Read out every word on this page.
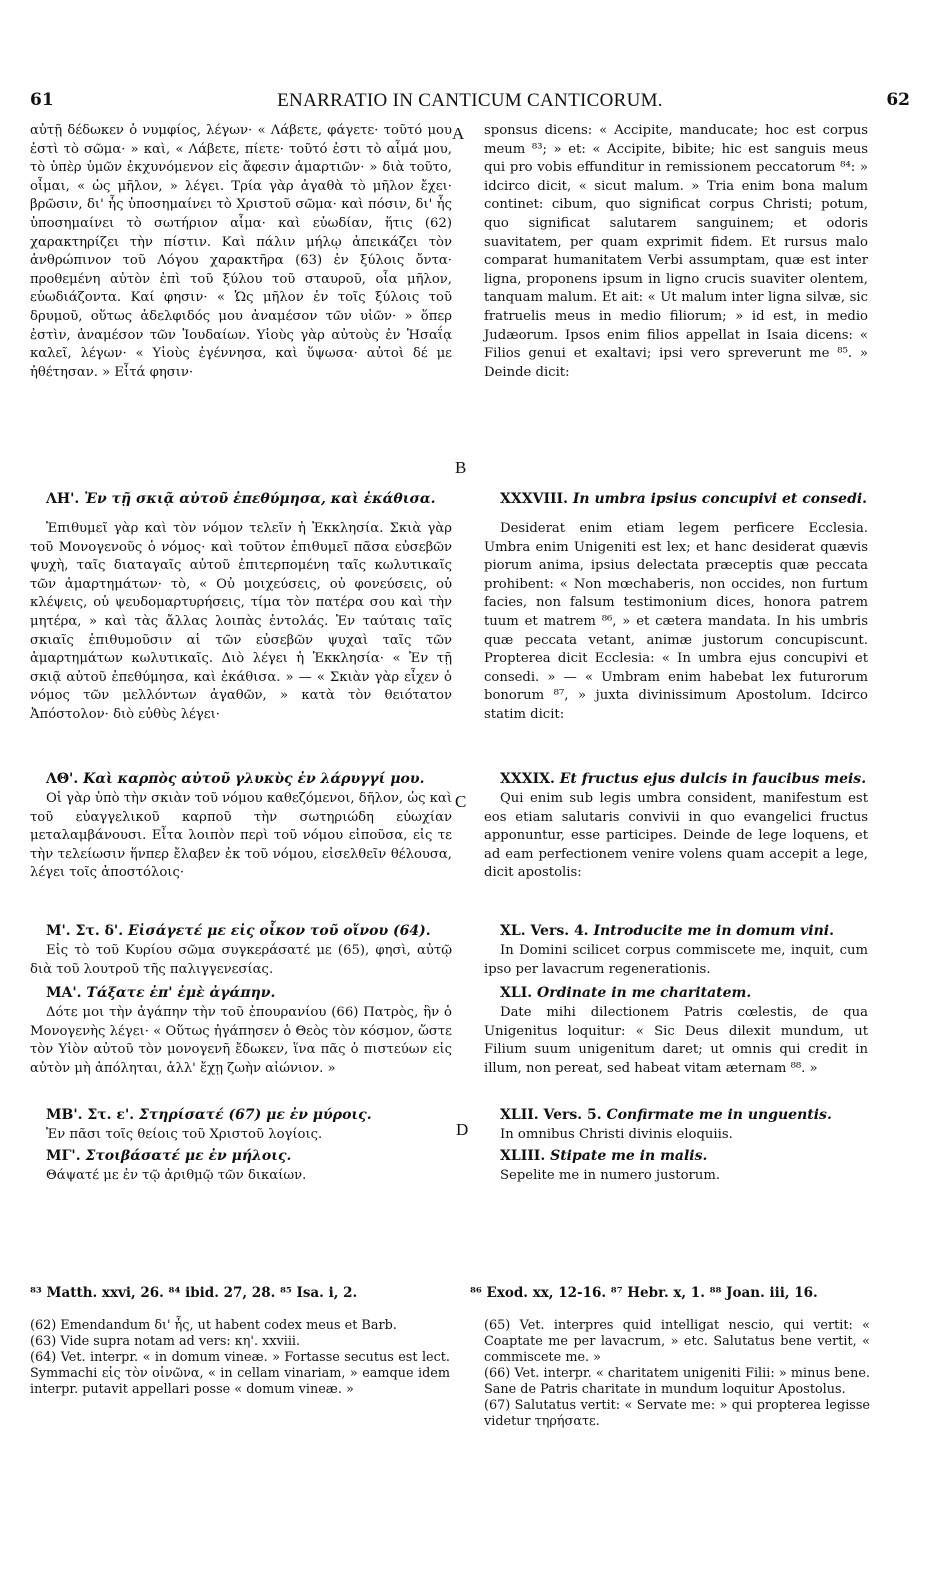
61	ENARRATIO IN CANTICUM CANTICORUM.	62
A
B
C
D

αὐτῇ δέδωκεν ὁ νυμφίος, λέγων· « Λάβετε, φάγετε· τοῦτό μου ἐστὶ τὸ σῶμα· » καὶ, « Λάβετε, πίετε· τοῦτό ἐστι τὸ αἷμά μου, τὸ ὑπὲρ ὑμῶν ἐκχυνόμενον εἰς ἄφεσιν ἁμαρτιῶν· » διὰ τοῦτο, οἶμαι, « ὡς μῆλον, » λέγει. Τρία γὰρ ἀγαθὰ τὸ μῆλον ἔχει· βρῶσιν, δι' ἧς ὑποσημαίνει τὸ Χριστοῦ σῶμα· καὶ πόσιν, δι' ἧς ὑποσημαίνει τὸ σωτήριον αἷμα· καὶ εὐωδίαν, ἥτις (62) χαρακτηρίζει τὴν πίστιν. Καὶ πάλιν μήλῳ ἀπεικάζει τὸν ἀνθρώπινον τοῦ Λόγου χαρακτῆρα (63) ἐν ξύλοις ὄντα· προθεμένη αὐτὸν ἐπὶ τοῦ ξύλου τοῦ σταυροῦ, οἷα μῆλον, εὐωδιάζοντα. Καί φησιν· « Ὡς μῆλον ἐν τοῖς ξύλοις τοῦ δρυμοῦ, οὕτως ἀδελφιδός μου ἀναμέσον τῶν υἱῶν· » ὅπερ ἐστὶν, ἀναμέσον τῶν Ἰουδαίων. Υἱοὺς γὰρ αὐτοὺς ἐν Ἡσαΐᾳ καλεῖ, λέγων· « Υἱοὺς ἐγέννησα, καὶ ὕψωσα· αὐτοὶ δέ με ἠθέτησαν. » Εἶτά φησιν·

ΛΗ'. Ἐν τῇ σκιᾷ αὐτοῦ ἐπεθύμησα, καὶ ἐκάθισα.

Ἐπιθυμεῖ γὰρ καὶ τὸν νόμον τελεῖν ἡ Ἐκκλησία. Σκιὰ γὰρ τοῦ Μονογενοῦς ὁ νόμος· καὶ τοῦτον ἐπιθυμεῖ πᾶσα εὐσεβῶν ψυχὴ, ταῖς διαταγαῖς αὐτοῦ ἐπιτερπομένη ταῖς κωλυτικαῖς τῶν ἁμαρτημάτων· τὸ, « Οὐ μοιχεύσεις, οὐ φονεύσεις, οὐ κλέψεις, οὐ ψευδομαρτυρήσεις, τίμα τὸν πατέρα σου καὶ τὴν μητέρα, » καὶ τὰς ἄλλας λοιπὰς ἐντολάς. Ἐν ταύταις ταῖς σκιαῖς ἐπιθυμοῦσιν αἱ τῶν εὐσεβῶν ψυχαὶ ταῖς τῶν ἁμαρτημάτων κωλυτικαῖς. Διὸ λέγει ἡ Ἐκκλησία· « Ἐν τῇ σκιᾷ αὐτοῦ ἐπεθύμησα, καὶ ἐκάθισα. » — « Σκιὰν γὰρ εἶχεν ὁ νόμος τῶν μελλόντων ἀγαθῶν, » κατὰ τὸν θειότατον Ἀπόστολον· διὸ εὐθὺς λέγει·

ΛΘ'. Καὶ καρπὸς αὐτοῦ γλυκὺς ἐν λάρυγγί μου.

Οἱ γὰρ ὑπὸ τὴν σκιὰν τοῦ νόμου καθεζόμενοι, δῆλον, ὡς καὶ τοῦ εὐαγγελικοῦ καρποῦ τὴν σωτηριώδη εὐωχίαν μεταλαμβάνουσι. Εἶτα λοιπὸν περὶ τοῦ νόμου εἰποῦσα, εἰς τε τὴν τελείωσιν ἥνπερ ἔλαβεν ἐκ τοῦ νόμου, εἰσελθεῖν θέλουσα, λέγει τοῖς ἀποστόλοις·

Μ'. Στ. δ'. Εἰσάγετέ με εἰς οἶκον τοῦ οἴνου (64).

Εἰς τὸ τοῦ Κυρίου σῶμα συγκεράσατέ με (65), φησὶ, αὐτῷ διὰ τοῦ λουτροῦ τῆς παλιγγενεσίας.

ΜΑ'. Τάξατε ἐπ' ἐμὲ ἀγάπην.

Δότε μοι τὴν ἀγάπην τὴν τοῦ ἐπουρανίου (66) Πατρὸς, ἣν ὁ Μονογενὴς λέγει· « Οὕτως ἠγάπησεν ὁ Θεὸς τὸν κόσμον, ὥστε τὸν Υἱὸν αὐτοῦ τὸν μονογενῆ ἔδωκεν, ἵνα πᾶς ὁ πιστεύων εἰς αὐτὸν μὴ ἀπόληται, ἀλλ' ἔχῃ ζωὴν αἰώνιον. »

ΜΒ'. Στ. ε'. Στηρίσατέ (67) με ἐν μύροις.

Ἐν πᾶσι τοῖς θείοις τοῦ Χριστοῦ λογίοις.

ΜΓ'. Στοιβάσατέ με ἐν μήλοις.

Θάψατέ με ἐν τῷ ἀριθμῷ τῶν δικαίων.

sponsus dicens: « Accipite, manducate; hoc est corpus meum ⁸³; » et: « Accipite, bibite; hic est sanguis meus qui pro vobis effunditur in remissionem peccatorum ⁸⁴: » idcirco dicit, « sicut malum. » Tria enim bona malum continet: cibum, quo significat corpus Christi; potum, quo significat salutarem sanguinem; et odoris suavitatem, per quam exprimit fidem. Et rursus malo comparat humanitatem Verbi assumptam, quæ est inter ligna, proponens ipsum in ligno crucis suaviter olentem, tanquam malum. Et ait: « Ut malum inter ligna silvæ, sic fratruelis meus in medio filiorum; » id est, in medio Judæorum. Ipsos enim filios appellat in Isaia dicens: « Filios genui et exaltavi; ipsi vero spreverunt me ⁸⁵. » Deinde dicit:

XXXVIII. In umbra ipsius concupivi et consedi.

Desiderat enim etiam legem perficere Ecclesia. Umbra enim Unigeniti est lex; et hanc desiderat quævis piorum anima, ipsius delectata præceptis quæ peccata prohibent: « Non mœchaberis, non occides, non furtum facies, non falsum testimonium dices, honora patrem tuum et matrem ⁸⁶, » et cætera mandata. In his umbris quæ peccata vetant, animæ justorum concupiscunt. Propterea dicit Ecclesia: « In umbra ejus concupivi et consedi. » — « Umbram enim habebat lex futurorum bonorum ⁸⁷, » juxta divinissimum Apostolum. Idcirco statim dicit:

XXXIX. Et fructus ejus dulcis in faucibus meis.

Qui enim sub legis umbra consident, manifestum est eos etiam salutaris convivii in quo evangelici fructus apponuntur, esse participes. Deinde de lege loquens, et ad eam perfectionem venire volens quam accepit a lege, dicit apostolis:

XL. Vers. 4. Introducite me in domum vini.

In Domini scilicet corpus commiscete me, inquit, cum ipso per lavacrum regenerationis.

XLI. Ordinate in me charitatem.

Date mihi dilectionem Patris cœlestis, de qua Unigenitus loquitur: « Sic Deus dilexit mundum, ut Filium suum unigenitum daret; ut omnis qui credit in illum, non pereat, sed habeat vitam æternam ⁸⁸. »

XLII. Vers. 5. Confirmate me in unguentis.

In omnibus Christi divinis eloquiis.

XLIII. Stipate me in malis.

Sepelite me in numero justorum.

⁸³ Matth. xxvi, 26. ⁸⁴ ibid. 27, 28. ⁸⁵ Isa. i, 2.	⁸⁶ Exod. xx, 12-16. ⁸⁷ Hebr. x, 1. ⁸⁸ Joan. iii, 16.

(62) Emendandum δι' ἧς, ut habent codex meus et Barb.

(63) Vide supra notam ad vers: κη'. xxviii.

(64) Vet. interpr. « in domum vineæ. » Fortasse secutus est lect. Symmachi εἰς τὸν οἰνῶνα, « in cellam vinariam, » eamque idem interpr. putavit appellari posse « domum vineæ. »

(65) Vet. interpres quid intelligat nescio, qui vertit: « Coaptate me per lavacrum, » etc. Salutatus bene vertit, « commiscete me. »

(66) Vet. interpr. « charitatem unigeniti Filii: » minus bene. Sane de Patris charitate in mundum loquitur Apostolus.

(67) Salutatus vertit: « Servate me: » qui propterea legisse videtur τηρήσατε.
